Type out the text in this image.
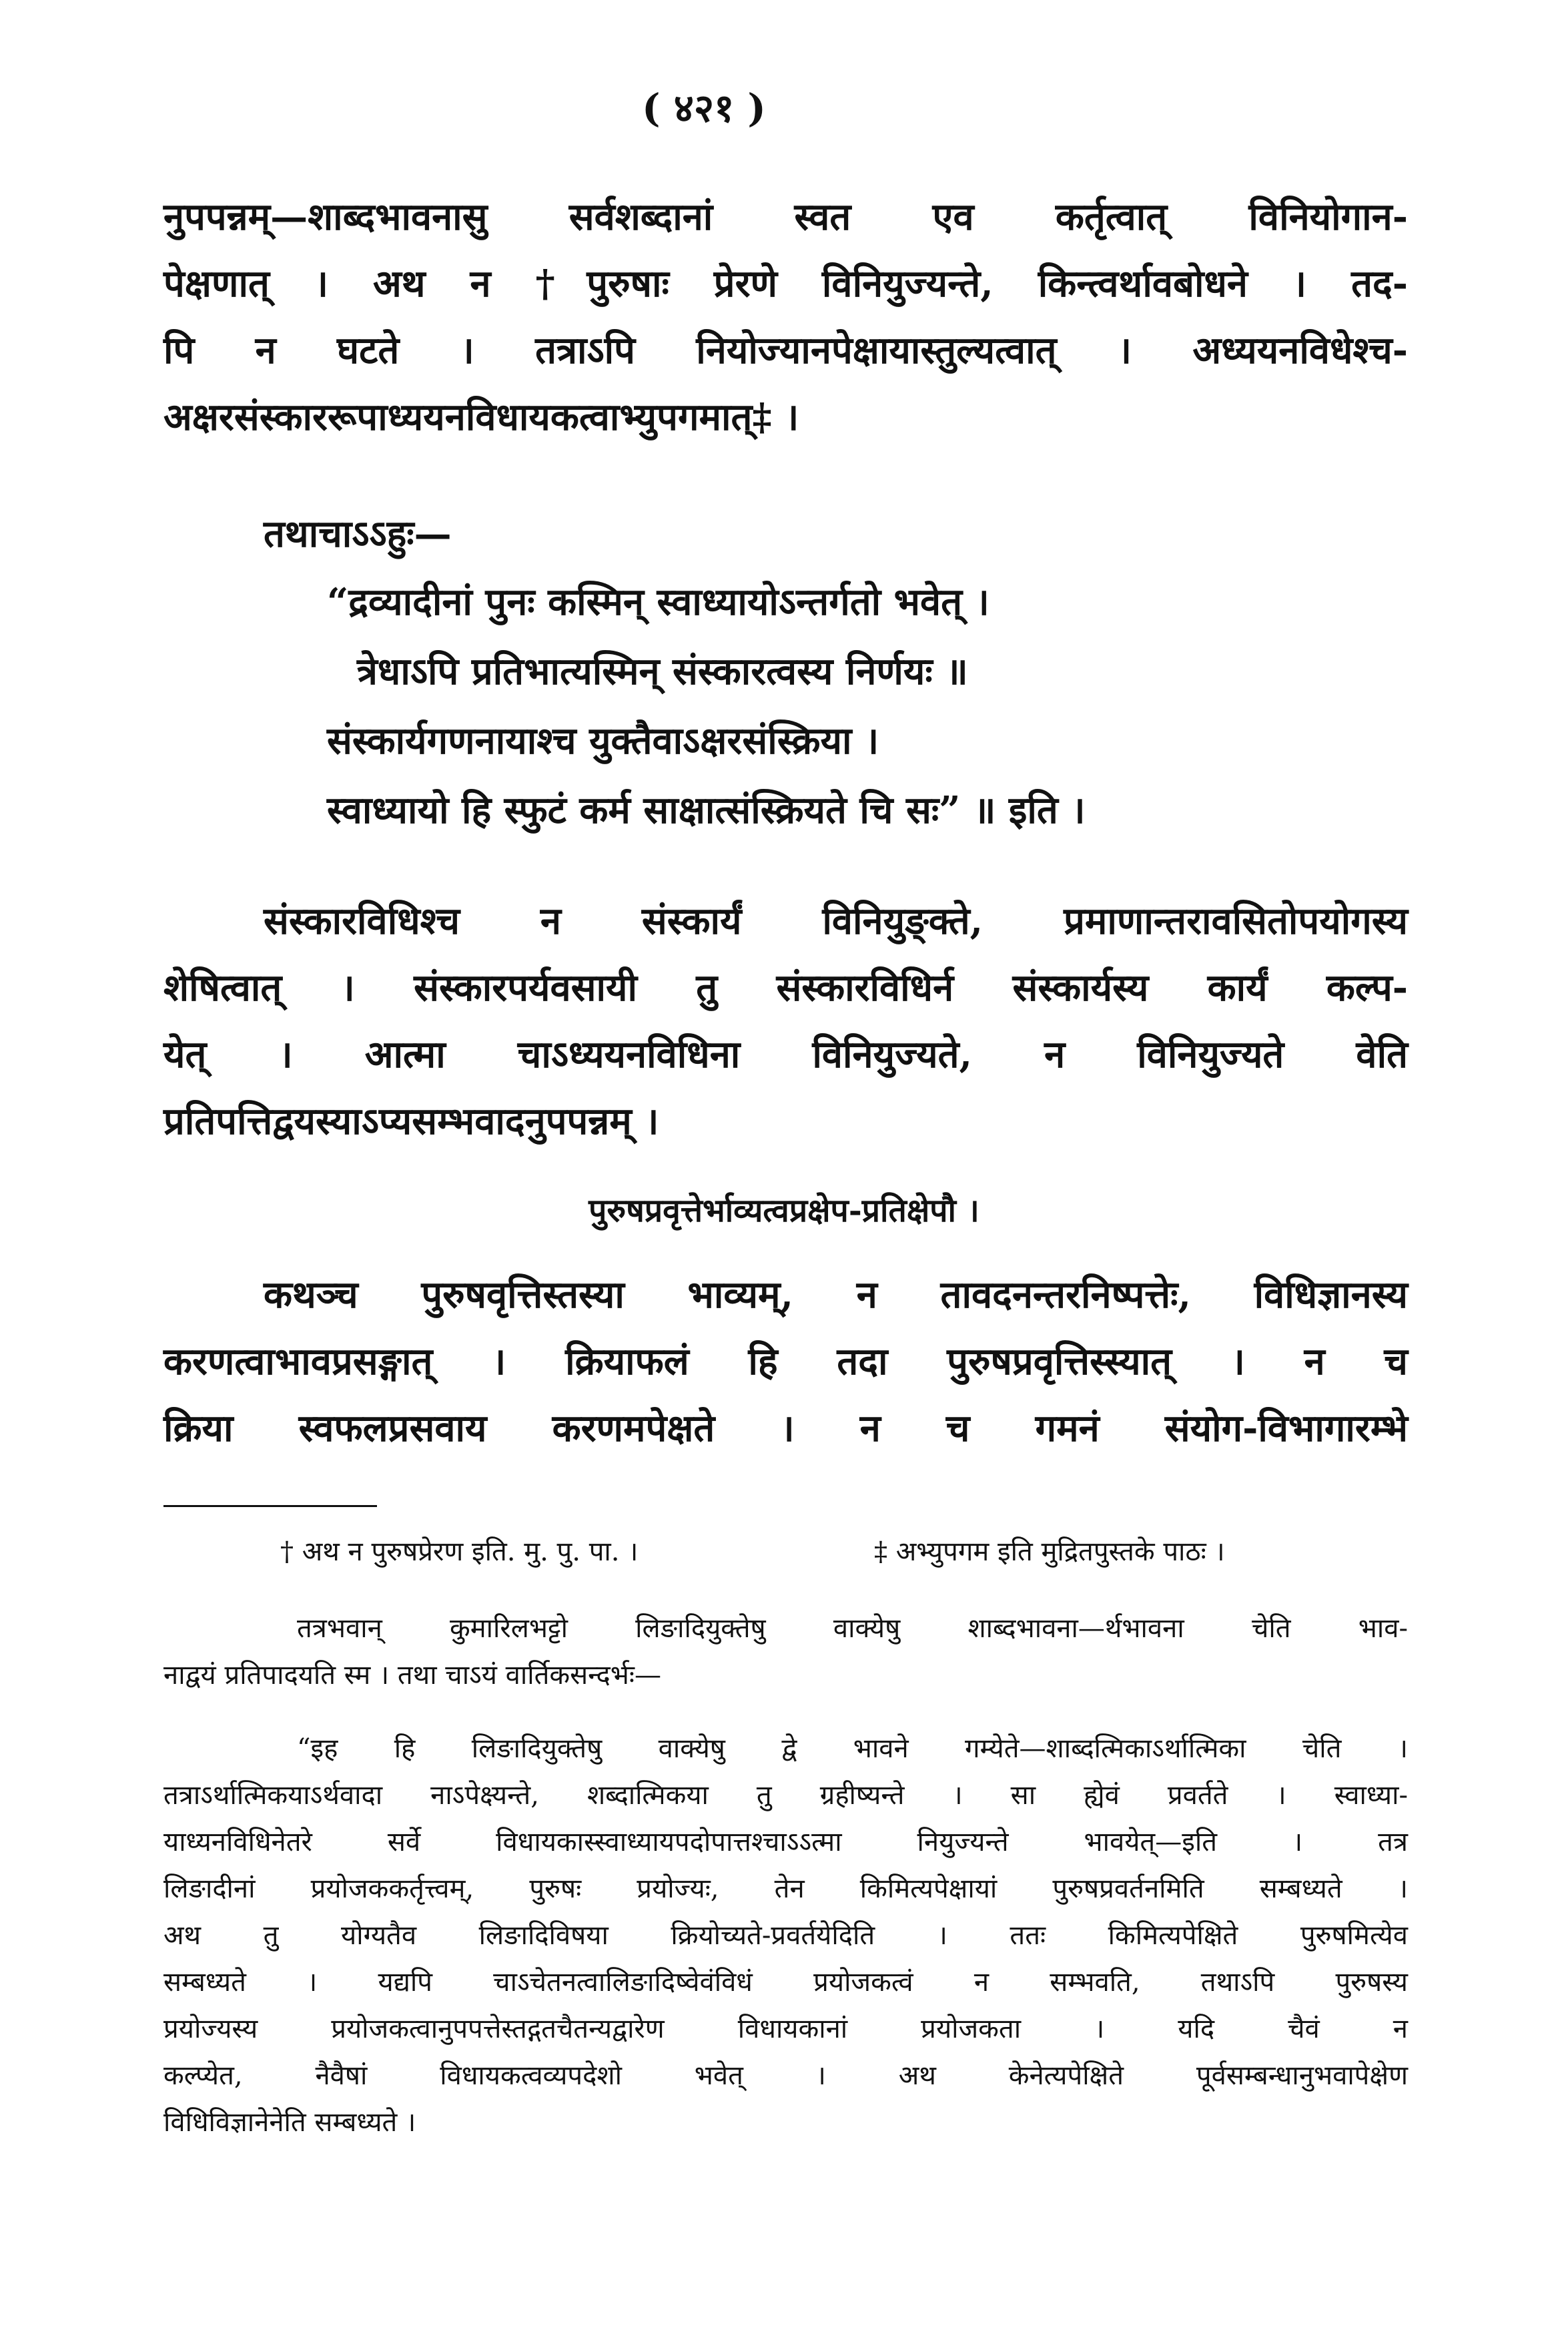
( ४२१ )
नुपपन्नम्—शाब्दभावनासु सर्वशब्दानां स्वत एव कर्तृत्वात् विनियोगान-
पेक्षणात् । अथ न †पुरुषाः प्रेरणे विनियुज्यन्ते, किन्त्वर्थावबोधने । तद-
पि न घटते । तत्राऽपि नियोज्यानपेक्षायास्तुल्यत्वात् । अध्ययनविधेश्च-
अक्षरसंस्काररूपाध्ययनविधायकत्वाभ्युपगमात्‡ ।
तथाचाऽऽहुः—
“द्रव्यादीनां पुनः कस्मिन् स्वाध्यायोऽन्तर्गतो भवेत् ।
त्रेधाऽपि प्रतिभात्यस्मिन् संस्कारत्वस्य निर्णयः ॥
संस्कार्यगणनायाश्च युक्तैवाऽक्षरसंस्क्रिया ।
स्वाध्यायो हि स्फुटं कर्म साक्षात्संस्क्रियते चि सः” ॥ इति ।
संस्कारविधिश्च न संस्कार्यं विनियुङ्क्ते, प्रमाणान्तरावसितोपयोगस्य
शेषित्वात् । संस्कारपर्यवसायी तु संस्कारविधिर्न संस्कार्यस्य कार्यं कल्प-
येत् । आत्मा चाऽध्ययनविधिना विनियुज्यते, न विनियुज्यते वेति
प्रतिपत्तिद्वयस्याऽप्यसम्भवादनुपपन्नम् ।
पुरुषप्रवृत्तेर्भाव्यत्वप्रक्षेप-प्रतिक्षेपौ ।
कथञ्च पुरुषवृत्तिस्तस्या भाव्यम्, न तावदनन्तरनिष्पत्तेः, विधिज्ञानस्य
करणत्वाभावप्रसङ्गात् । क्रियाफलं हि तदा पुरुषप्रवृत्तिस्स्यात् । न च
क्रिया स्वफलप्रसवाय करणमपेक्षते । न च गमनं संयोग-विभागारम्भे
† अथ न पुरुषप्रेरण इति. मु. पु. पा. ।	‡ अभ्युपगम इति मुद्रितपुस्तके पाठः ।
तत्रभवान् कुमारिलभट्टो लिङादियुक्तेषु वाक्येषु शाब्दभावना—र्थभावना चेति भाव-
नाद्वयं प्रतिपादयति स्म । तथा चाऽयं वार्तिकसन्दर्भः—
“इह हि लिङादियुक्तेषु वाक्येषु द्वे भावने गम्येते—शाब्दत्मिकाऽर्थात्मिका चेति ।
तत्राऽर्थात्मिकयाऽर्थवादा नाऽपेक्ष्यन्ते, शब्दात्मिकया तु ग्रहीष्यन्ते । सा ह्येवं प्रवर्तते । स्वाध्या-
याध्यनविधिनेतरे सर्वे विधायकास्स्वाध्यायपदोपात्तश्चाऽऽत्मा नियुज्यन्ते भावयेत्—इति । तत्र
लिङादीनां प्रयोजककर्तृत्त्वम्, पुरुषः प्रयोज्यः, तेन किमित्यपेक्षायां पुरुषप्रवर्तनमिति सम्बध्यते ।
अथ तु योग्यतैव लिङादिविषया क्रियोच्यते-प्रवर्तयेदिति । ततः किमित्यपेक्षिते पुरुषमित्येव
सम्बध्यते । यद्यपि चाऽचेतनत्वालिङादिष्वेवंविधं प्रयोजकत्वं न सम्भवति, तथाऽपि पुरुषस्य
प्रयोज्यस्य प्रयोजकत्वानुपपत्तेस्तद्गतचैतन्यद्वारेण विधायकानां प्रयोजकता । यदि चैवं न
कल्प्येत, नैवैषां विधायकत्वव्यपदेशो भवेत् । अथ केनेत्यपेक्षिते पूर्वसम्बन्धानुभवापेक्षेण
विधिविज्ञानेनेति सम्बध्यते ।
